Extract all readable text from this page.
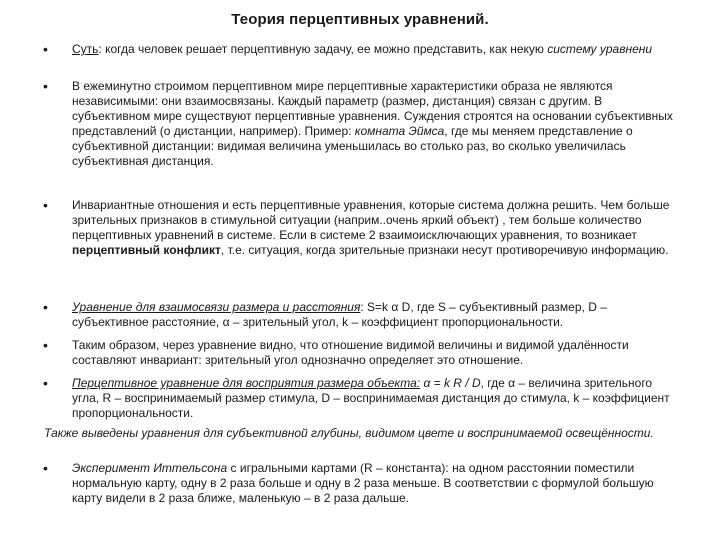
Теория перцептивных уравнений.
• Суть: когда человек решает перцептивную задачу, ее можно представить, как некую систему уравнени

• В ежеминутно строимом перцептивном мире перцептивные характеристики образа не являются независимыми: они взаимосвязаны. Каждый параметр (размер, дистанция) связан с другим. В субъективном мире существуют перцептивные уравнения. Суждения строятся на основании субъективных представлений (о дистанции, например). Пример: комната Эймса, где мы меняем представление о субъективной дистанции: видимая величина уменьшилась во столько раз, во сколько увеличилась субъективная дистанция.

• Инвариантные отношения и есть перцептивные уравнения, которые система должна решить. Чем больше зрительных признаков в стимульной ситуации (наприм..очень яркий объект) , тем больше количество перцептивных уравнений в системе. Если в системе 2 взаимоисключающих уравнения, то возникает перцептивный конфликт, т.е. ситуация, когда зрительные признаки несут противоречивую информацию.

• Уравнение для взаимосвязи размера и расстояния: S=k α D, где S – субъективный размер, D – субъективное расстояние, α – зрительный угол, k – коэффициент пропорциональности.

• Таким образом, через уравнение видно, что отношение видимой величины и видимой удалённости составляют инвариант: зрительный угол однозначно определяет это отношение.

• Перцептивное уравнение для восприятия размера объекта: α = k R / D, где α – величина зрительного угла, R – воспринимаемый размер стимула, D – воспринимаемая дистанция до стимула, k – коэффициент пропорциональности.

Также выведены уравнения для субъективной глубины, видимом цвете и воспринимаемой освещённости.

• Эксперимент Иттельсона с игральными картами (R – константа): на одном расстоянии поместили нормальную карту, одну в 2 раза больше и одну в 2 раза меньше. В соответствии с формулой большую карту видели в 2 раза ближе, маленькую – в 2 раза дальше.
